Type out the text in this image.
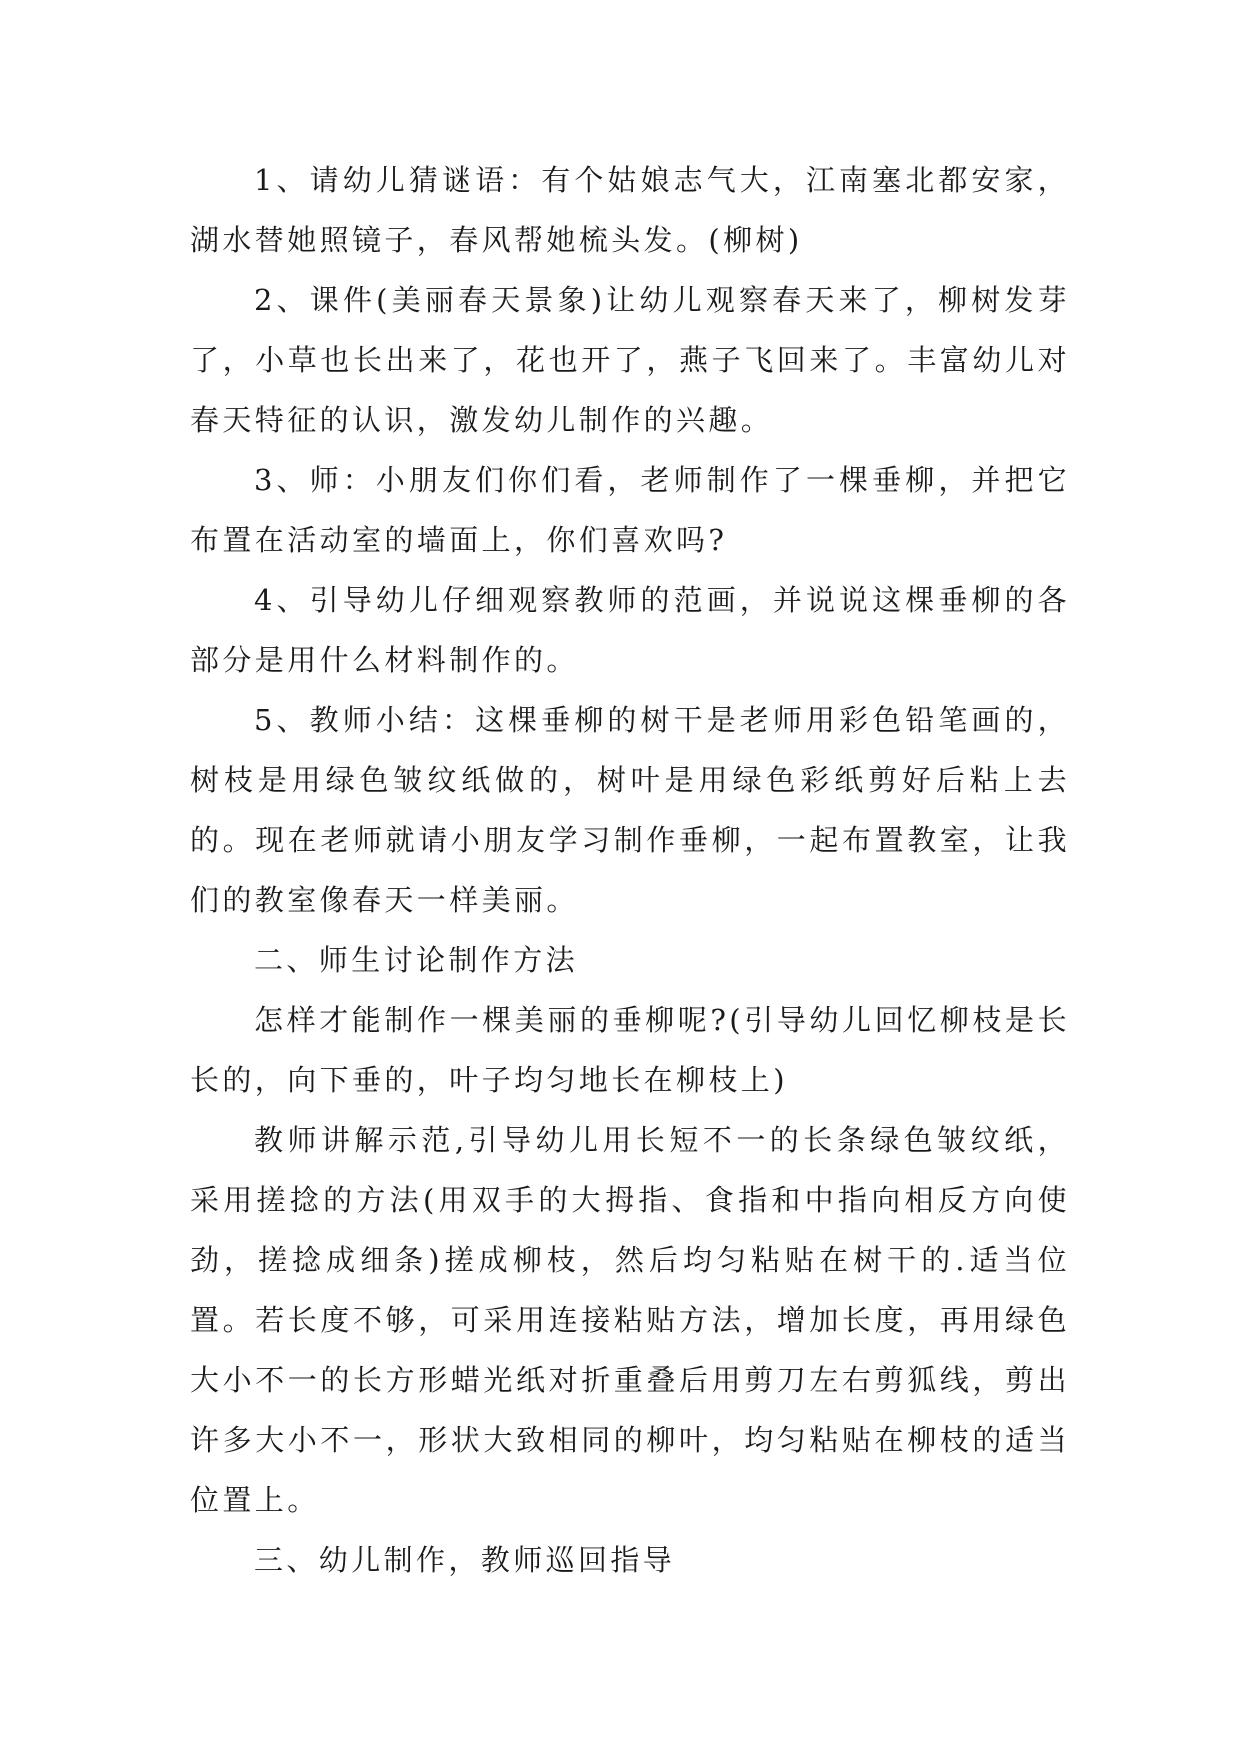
1、请幼儿猜谜语：有个姑娘志气大，江南塞北都安家，湖水替她照镜子，春风帮她梳头发。(柳树)

2、课件(美丽春天景象)让幼儿观察春天来了，柳树发芽了，小草也长出来了，花也开了，燕子飞回来了。丰富幼儿对春天特征的认识，激发幼儿制作的兴趣。

3、师：小朋友们你们看，老师制作了一棵垂柳，并把它布置在活动室的墙面上，你们喜欢吗?

4、引导幼儿仔细观察教师的范画，并说说这棵垂柳的各部分是用什么材料制作的。

5、教师小结：这棵垂柳的树干是老师用彩色铅笔画的，树枝是用绿色皱纹纸做的，树叶是用绿色彩纸剪好后粘上去的。现在老师就请小朋友学习制作垂柳，一起布置教室，让我们的教室像春天一样美丽。

二、师生讨论制作方法

怎样才能制作一棵美丽的垂柳呢?(引导幼儿回忆柳枝是长长的，向下垂的，叶子均匀地长在柳枝上)

教师讲解示范,引导幼儿用长短不一的长条绿色皱纹纸，采用搓捻的方法(用双手的大拇指、食指和中指向相反方向使劲，搓捻成细条)搓成柳枝，然后均匀粘贴在树干的.适当位置。若长度不够，可采用连接粘贴方法，增加长度，再用绿色大小不一的长方形蜡光纸对折重叠后用剪刀左右剪狐线，剪出许多大小不一，形状大致相同的柳叶，均匀粘贴在柳枝的适当位置上。

三、幼儿制作，教师巡回指导
